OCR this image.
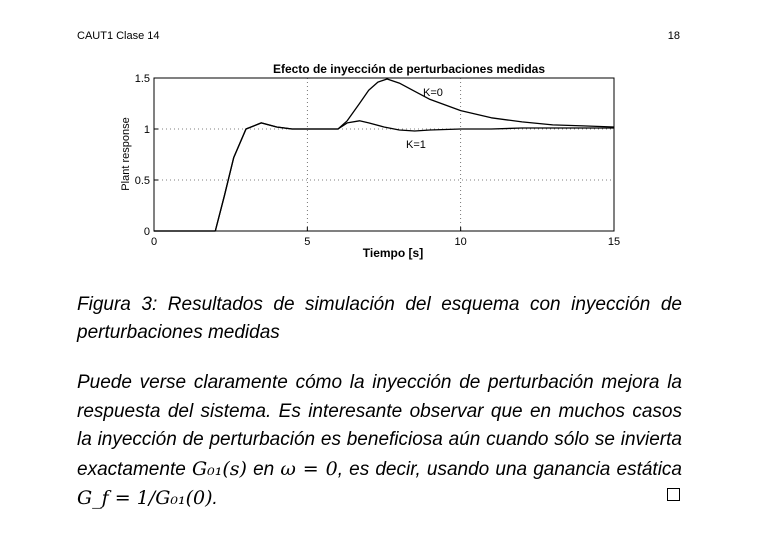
CAUT1 Clase 14	18
Efecto de inyección de perturbaciones medidas
Tiempo [s]
Plant response
0	5	10	15
0
0.5
1
1.5
K=0
K=1
Figura 3: Resultados de simulación del esquema con inyección de perturbaciones medidas
Puede verse claramente cómo la inyección de perturbación mejora la respuesta del sistema. Es interesante observar que en muchos casos la inyección de perturbación es beneficiosa aún cuando sólo se invierta exactamente G₀₁(s) en ω = 0, es decir, usando una ganancia estática G_f = 1/G₀₁(0).
